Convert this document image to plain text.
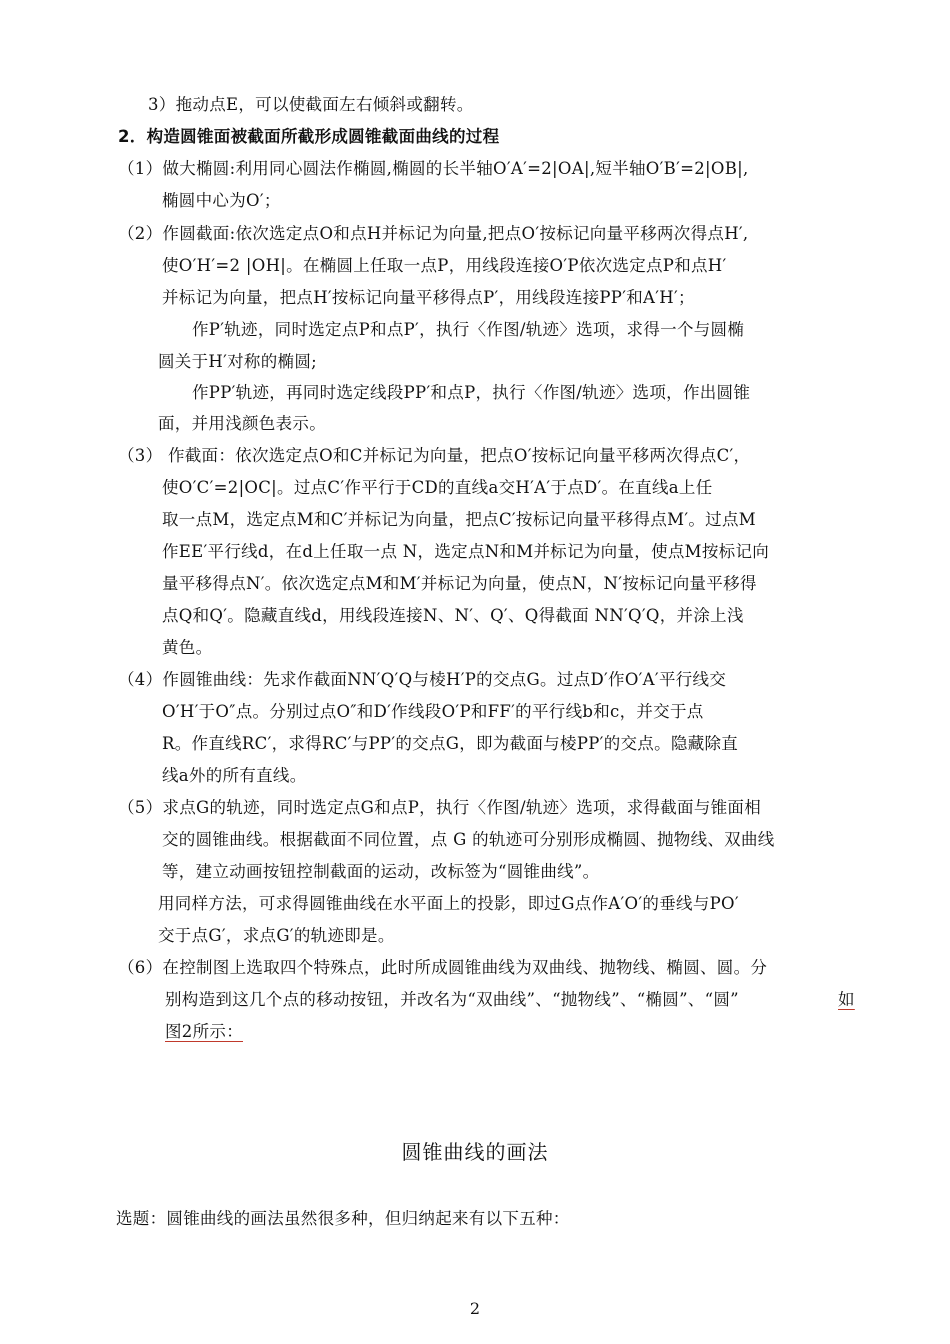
3）拖动点E，可以使截面左右倾斜或翻转。
2．构造圆锥面被截面所截形成圆锥截面曲线的过程
（1）做大椭圆:利用同心圆法作椭圆,椭圆的长半轴O′A′=2|OA|,短半轴O′B′=2|OB|,
椭圆中心为O′；
（2）作圆截面:依次选定点O和点H并标记为向量,把点O′按标记向量平移两次得点H′,
使O′H′=2 |OH|。在椭圆上任取一点P，用线段连接O′P依次选定点P和点H′
并标记为向量，把点H′按标记向量平移得点P′，用线段连接PP′和A′H′；
作P′轨迹，同时选定点P和点P′，执行〈作图/轨迹〉选项，求得一个与圆椭
圆关于H′对称的椭圆;
作PP′轨迹，再同时选定线段PP′和点P，执行〈作图/轨迹〉选项，作出圆锥
面，并用浅颜色表示。
（3） 作截面：依次选定点O和C并标记为向量，把点O′按标记向量平移两次得点C′，
使O′C′=2|OC|。过点C′作平行于CD的直线a交H′A′于点D′。在直线a上任
取一点M，选定点M和C′并标记为向量，把点C′按标记向量平移得点M′。过点M
作EE′平行线d，在d上任取一点 N，选定点N和M并标记为向量，使点M按标记向
量平移得点N′。依次选定点M和M′并标记为向量，使点N，N′按标记向量平移得
点Q和Q′。隐藏直线d，用线段连接N、N′、Q′、Q得截面 NN′Q′Q，并涂上浅
黄色。
（4）作圆锥曲线：先求作截面NN′Q′Q与棱H′P的交点G。过点D′作O′A′平行线交
O′H′于O″点。分别过点O″和D′作线段O′P和FF′的平行线b和c，并交于点
R。作直线RC′，求得RC′与PP′的交点G，即为截面与棱PP′的交点。隐藏除直
线a外的所有直线。
（5）求点G的轨迹，同时选定点G和点P，执行〈作图/轨迹〉选项，求得截面与锥面相
交的圆锥曲线。根据截面不同位置，点 G 的轨迹可分别形成椭圆、抛物线、双曲线
等，建立动画按钮控制截面的运动，改标签为“圆锥曲线”。
用同样方法，可求得圆锥曲线在水平面上的投影，即过G点作A′O′的垂线与PO′
交于点G′，求点G′的轨迹即是。
（6）在控制图上选取四个特殊点，此时所成圆锥曲线为双曲线、抛物线、椭圆、圆。分
别构造到这几个点的移动按钮，并改名为“双曲线”、“抛物线”、“椭圆”、“圆”	如
图2所示：
圆锥曲线的画法
选题：圆锥曲线的画法虽然很多种，但归纳起来有以下五种：
2
